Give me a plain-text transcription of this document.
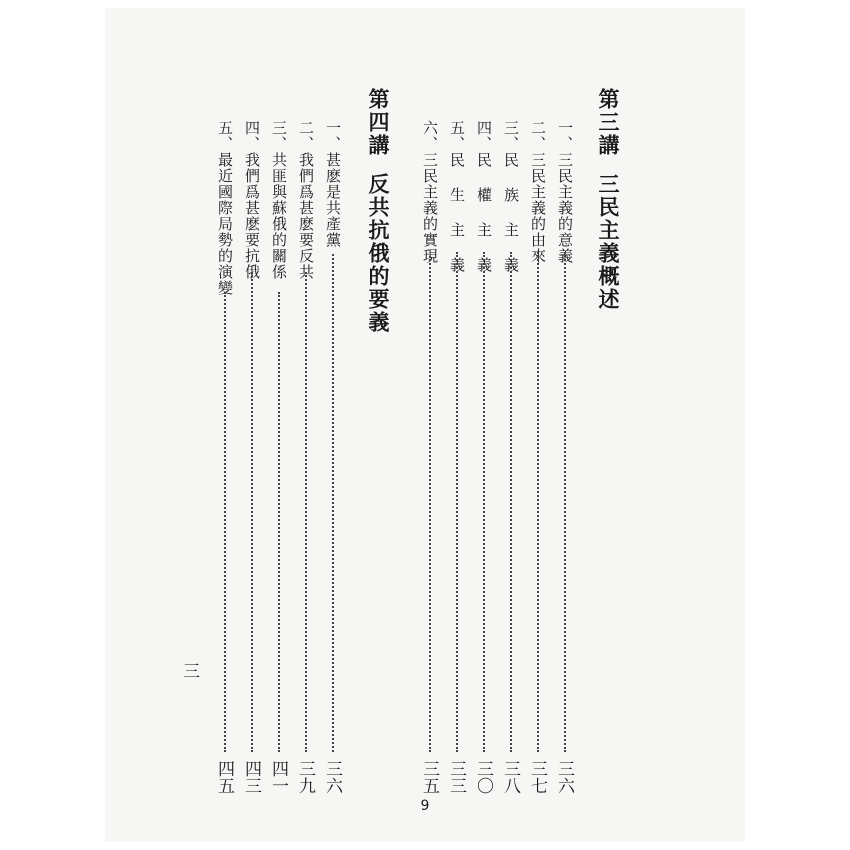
第三講三民主義概述
一、三民主義的意義
三六
二、三民主義的由來
三七
三、民 族 主 義
三八
四、民 權 主 義
三〇
五、民 生 主 義
三三
六、三民主義的實現
三五
第四講反共抗俄的要義
一、甚麽是共產黨
三六
二、我們爲甚麽要反共
三九
三、共匪與蘇俄的關係
四一
四、我們爲甚麽要抗俄
四三
五、最近國際局勢的演變
四五
三
9
